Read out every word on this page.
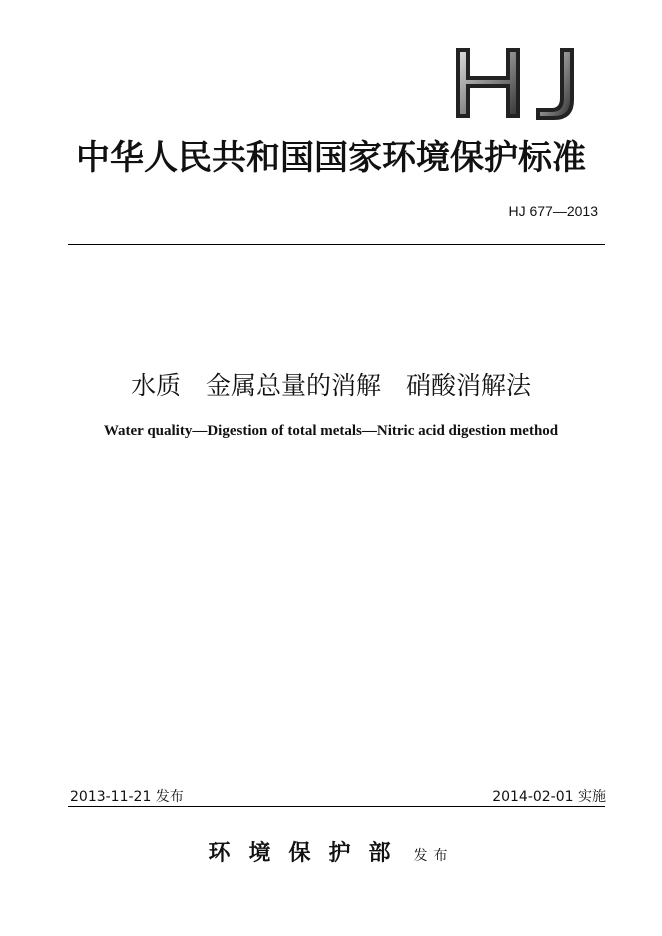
HJ
中华人民共和国国家环境保护标准
HJ 677—2013
水质　金属总量的消解　硝酸消解法
Water quality—Digestion of total metals—Nitric acid digestion method
2013-11-21 发布	2014-02-01 实施
环境保护部 发布
